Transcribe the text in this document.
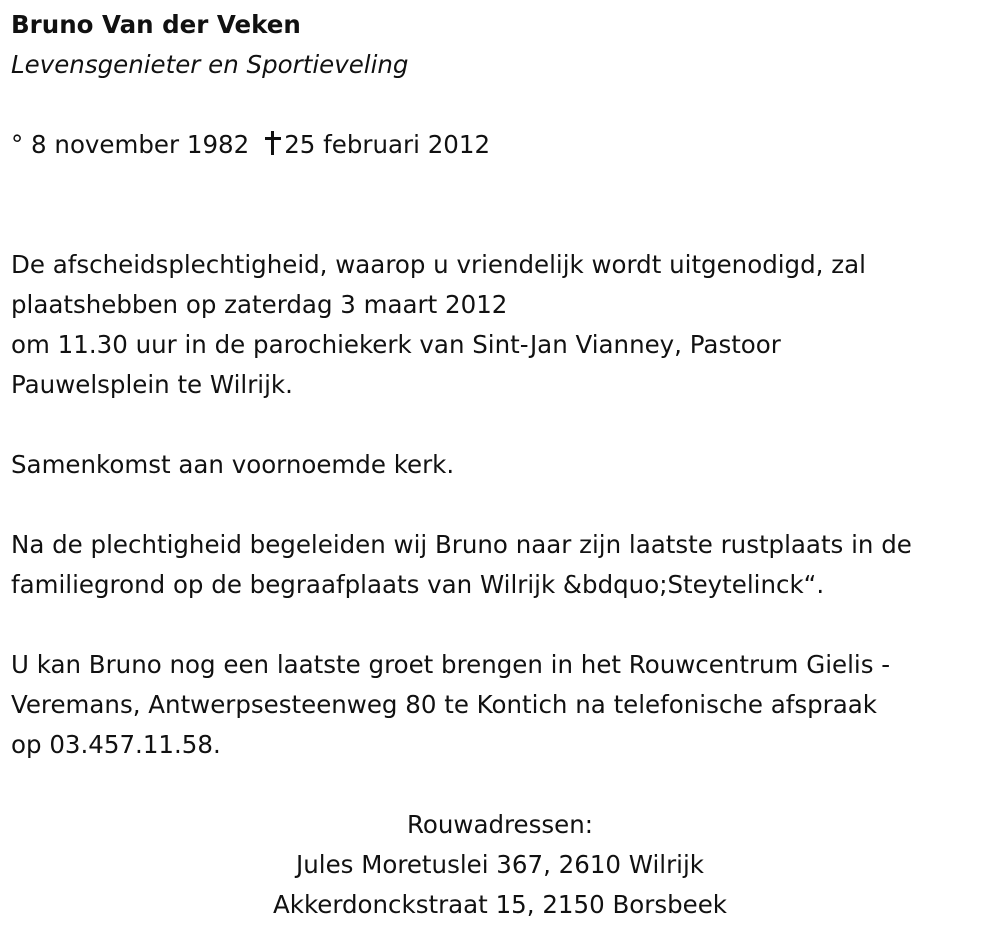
Bruno Van der Veken
Levensgenieter en Sportieveling
° 8 november 1982 25 februari 2012
De afscheidsplechtigheid, waarop u vriendelijk wordt uitgenodigd, zal
plaatshebben op zaterdag 3 maart 2012
om 11.30 uur in de parochiekerk van Sint-Jan Vianney, Pastoor
Pauwelsplein te Wilrijk.
Samenkomst aan voornoemde kerk.
Na de plechtigheid begeleiden wij Bruno naar zijn laatste rustplaats in de
familiegrond op de begraafplaats van Wilrijk &bdquo;Steytelinck“.
U kan Bruno nog een laatste groet brengen in het Rouwcentrum Gielis -
Veremans, Antwerpsesteenweg 80 te Kontich na telefonische afspraak
op 03.457.11.58.
Rouwadressen:
Jules Moretuslei 367, 2610 Wilrijk
Akkerdonckstraat 15, 2150 Borsbeek
